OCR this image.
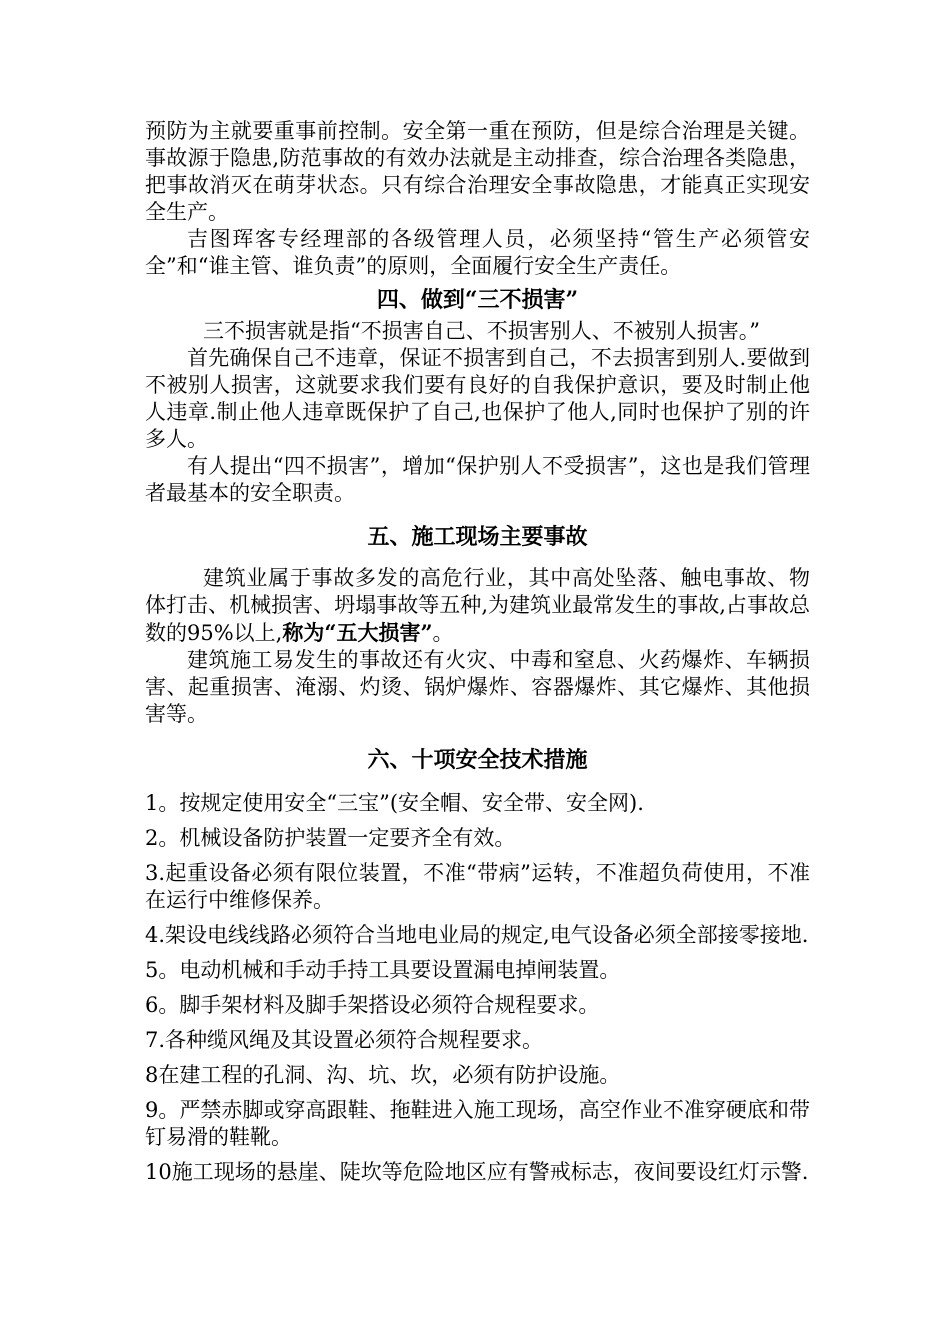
预防为主就要重事前控制。安全第一重在预防，但是综合治理是关键。事故源于隐患,防范事故的有效办法就是主动排查，综合治理各类隐患，把事故消灭在萌芽状态。只有综合治理安全事故隐患，才能真正实现安全生产。

吉图珲客专经理部的各级管理人员，必须坚持“管生产必须管安全”和“谁主管、谁负责”的原则，全面履行安全生产责任。

四、做到“三不损害”

三不损害就是指“不损害自己、不损害别人、不被别人损害。”

首先确保自己不违章，保证不损害到自己，不去损害到别人.要做到不被别人损害，这就要求我们要有良好的自我保护意识，要及时制止他人违章.制止他人违章既保护了自己,也保护了他人,同时也保护了别的许多人。

有人提出“四不损害”，增加“保护别人不受损害”，这也是我们管理者最基本的安全职责。

五、施工现场主要事故

建筑业属于事故多发的高危行业，其中高处坠落、触电事故、物体打击、机械损害、坍塌事故等五种,为建筑业最常发生的事故,占事故总数的95%以上,称为“五大损害”。

建筑施工易发生的事故还有火灾、中毒和窒息、火药爆炸、车辆损害、起重损害、淹溺、灼烫、锅炉爆炸、容器爆炸、其它爆炸、其他损害等。

六、十项安全技术措施

1。按规定使用安全“三宝”(安全帽、安全带、安全网).

2。机械设备防护装置一定要齐全有效。

3.起重设备必须有限位装置，不准“带病”运转，不准超负荷使用，不准在运行中维修保养。

4.架设电线线路必须符合当地电业局的规定,电气设备必须全部接零接地.

5。电动机械和手动手持工具要设置漏电掉闸装置。

6。脚手架材料及脚手架搭设必须符合规程要求。

7.各种缆风绳及其设置必须符合规程要求。

8在建工程的孔洞、沟、坑、坎，必须有防护设施。

9。严禁赤脚或穿高跟鞋、拖鞋进入施工现场，高空作业不准穿硬底和带钉易滑的鞋靴。

10施工现场的悬崖、陡坎等危险地区应有警戒标志，夜间要设红灯示警.
